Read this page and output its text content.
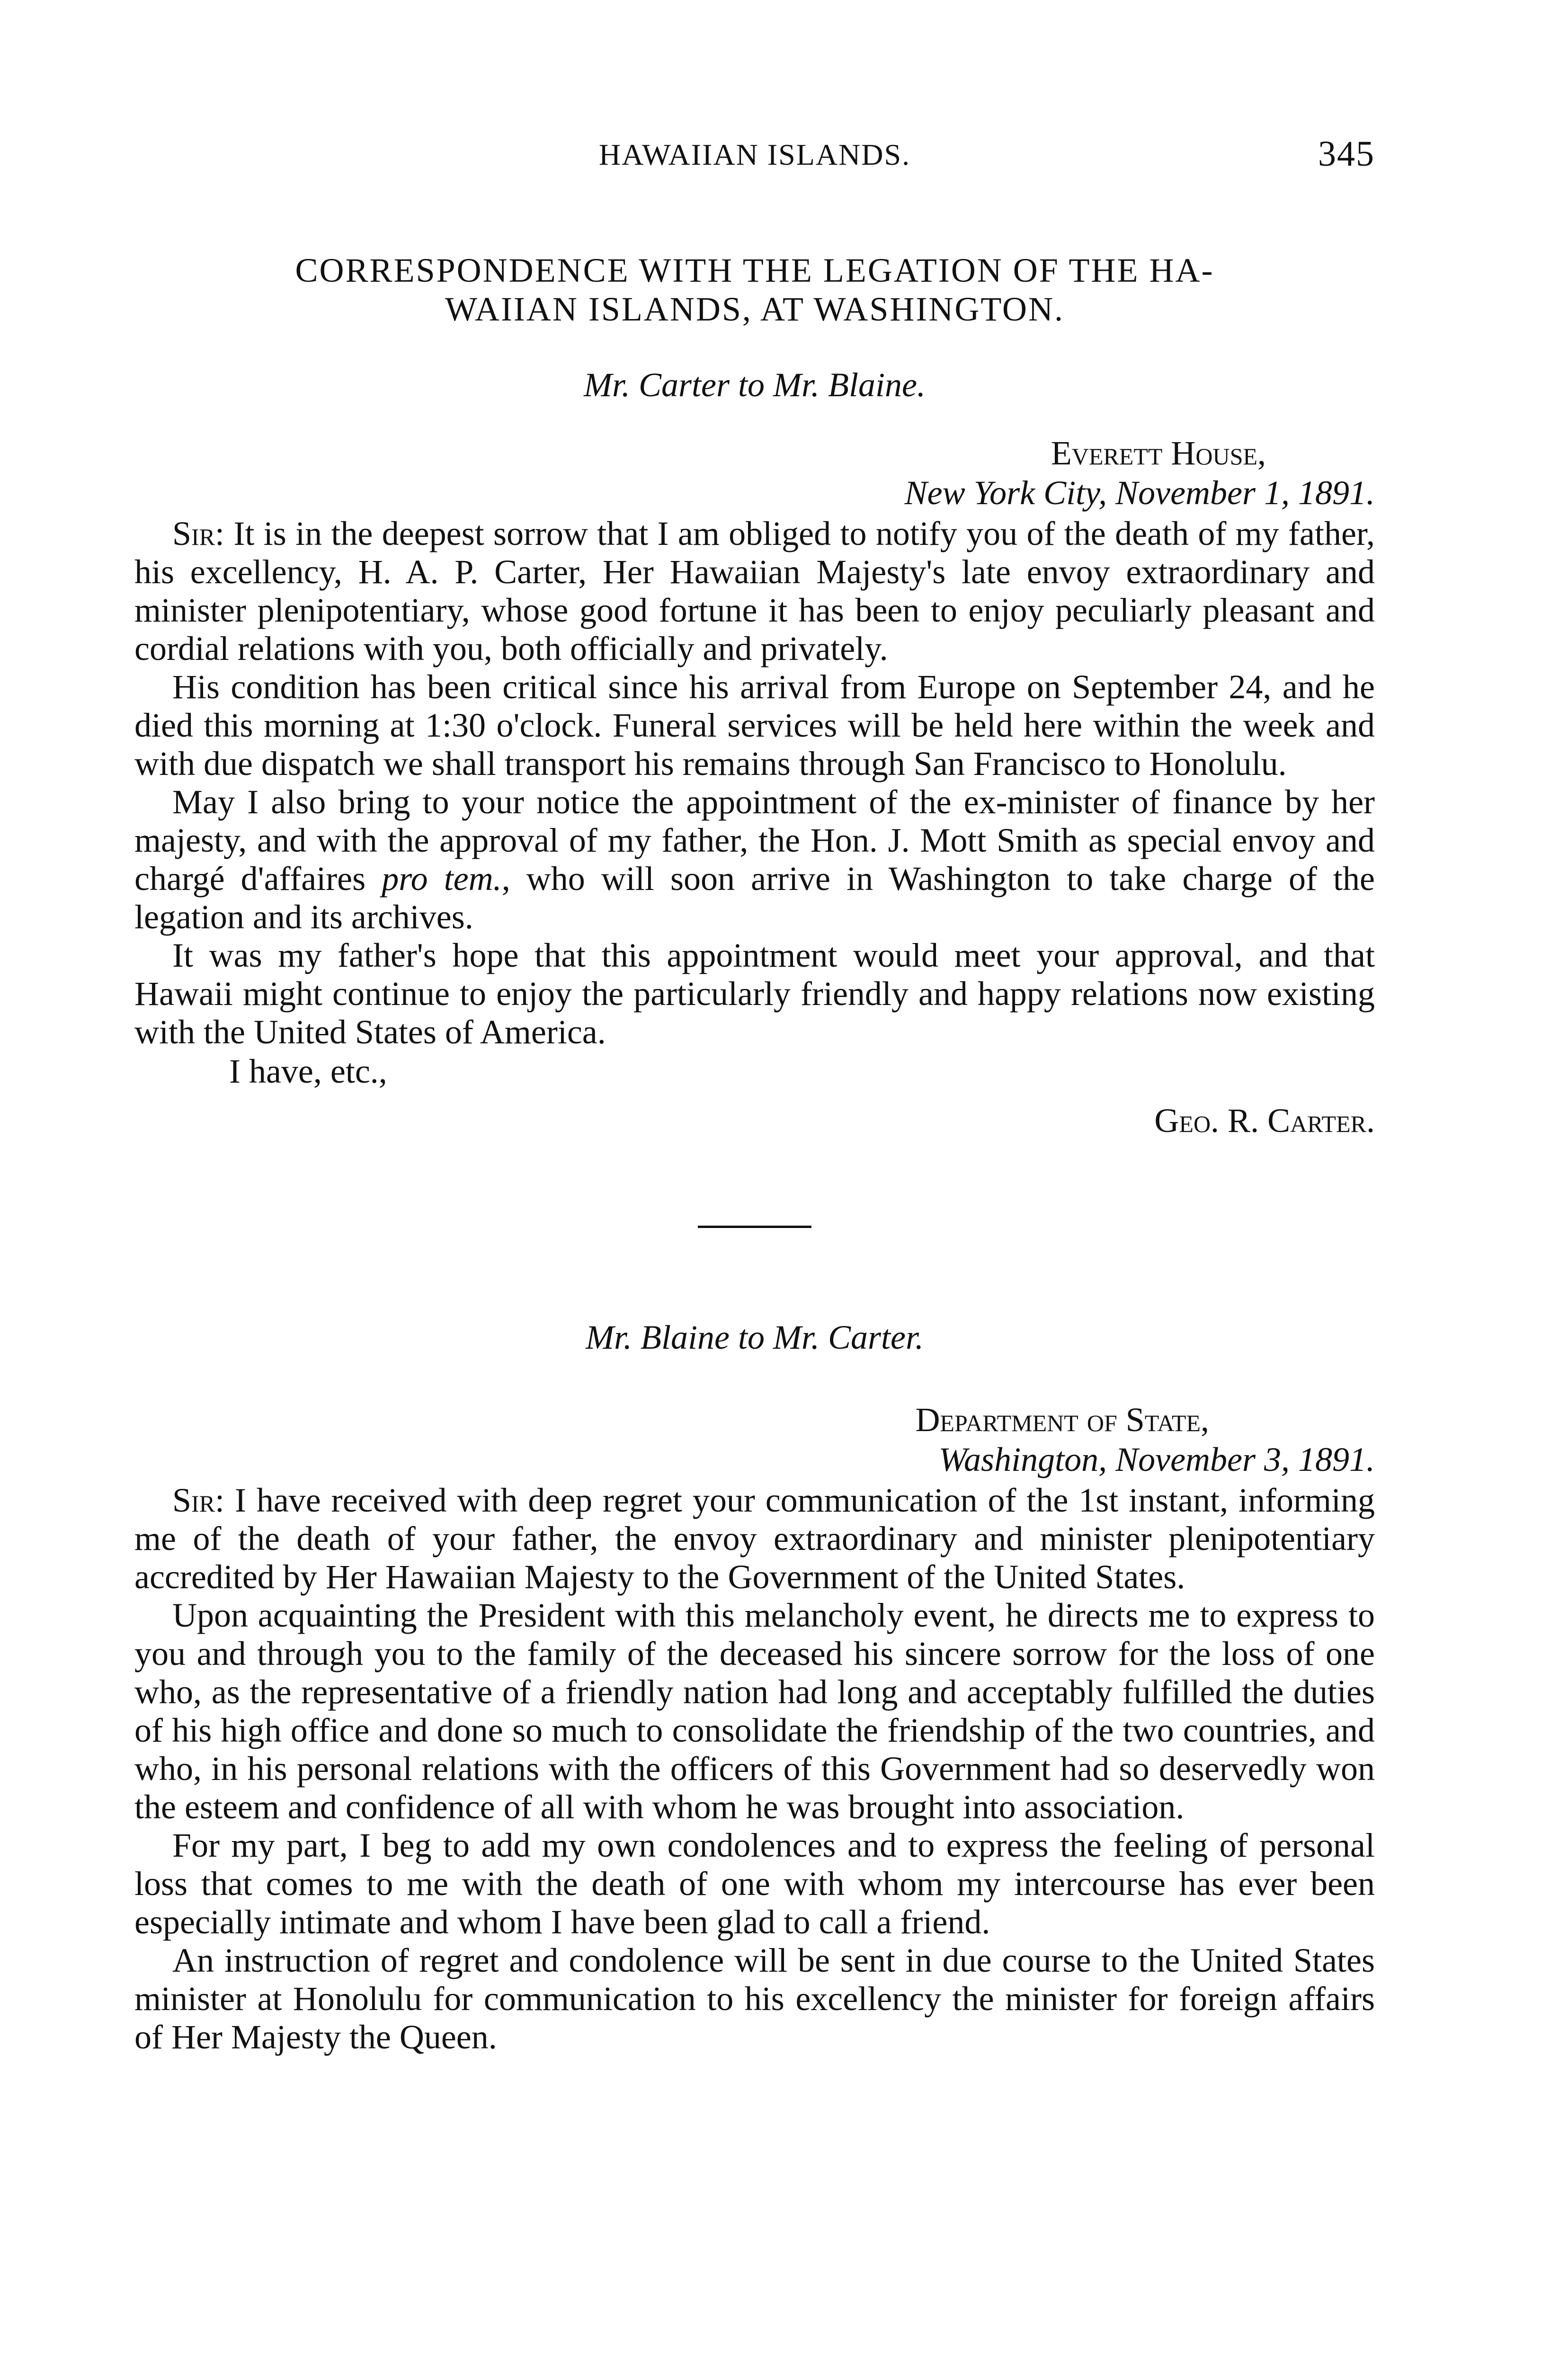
HAWAIIAN ISLANDS.	345
CORRESPONDENCE WITH THE LEGATION OF THE HA-
WAIIAN ISLANDS, AT WASHINGTON.
Mr. Carter to Mr. Blaine.
Everett House,
New York City, November 1, 1891.

Sir: It is in the deepest sorrow that I am obliged to notify you of the death of my father, his excellency, H. A. P. Carter, Her Hawaiian Majesty's late envoy extraordinary and minister plenipotentiary, whose good fortune it has been to enjoy peculiarly pleasant and cordial relations with you, both officially and privately.

His condition has been critical since his arrival from Europe on September 24, and he died this morning at 1:30 o'clock. Funeral services will be held here within the week and with due dispatch we shall transport his remains through San Francisco to Honolulu.

May I also bring to your notice the appointment of the ex-minister of finance by her majesty, and with the approval of my father, the Hon. J. Mott Smith as special envoy and chargé d'affaires pro tem., who will soon arrive in Washington to take charge of the legation and its archives.

It was my father's hope that this appointment would meet your approval, and that Hawaii might continue to enjoy the particularly friendly and happy relations now existing with the United States of America.

I have, etc.,
Geo. R. Carter.
Mr. Blaine to Mr. Carter.
Department of State,
Washington, November 3, 1891.

Sir: I have received with deep regret your communication of the 1st instant, informing me of the death of your father, the envoy extraordinary and minister plenipotentiary accredited by Her Hawaiian Majesty to the Government of the United States.

Upon acquainting the President with this melancholy event, he directs me to express to you and through you to the family of the deceased his sincere sorrow for the loss of one who, as the representative of a friendly nation had long and acceptably fulfilled the duties of his high office and done so much to consolidate the friendship of the two countries, and who, in his personal relations with the officers of this Government had so deservedly won the esteem and confidence of all with whom he was brought into association.

For my part, I beg to add my own condolences and to express the feeling of personal loss that comes to me with the death of one with whom my intercourse has ever been especially intimate and whom I have been glad to call a friend.

An instruction of regret and condolence will be sent in due course to the United States minister at Honolulu for communication to his excellency the minister for foreign affairs of Her Majesty the Queen.
